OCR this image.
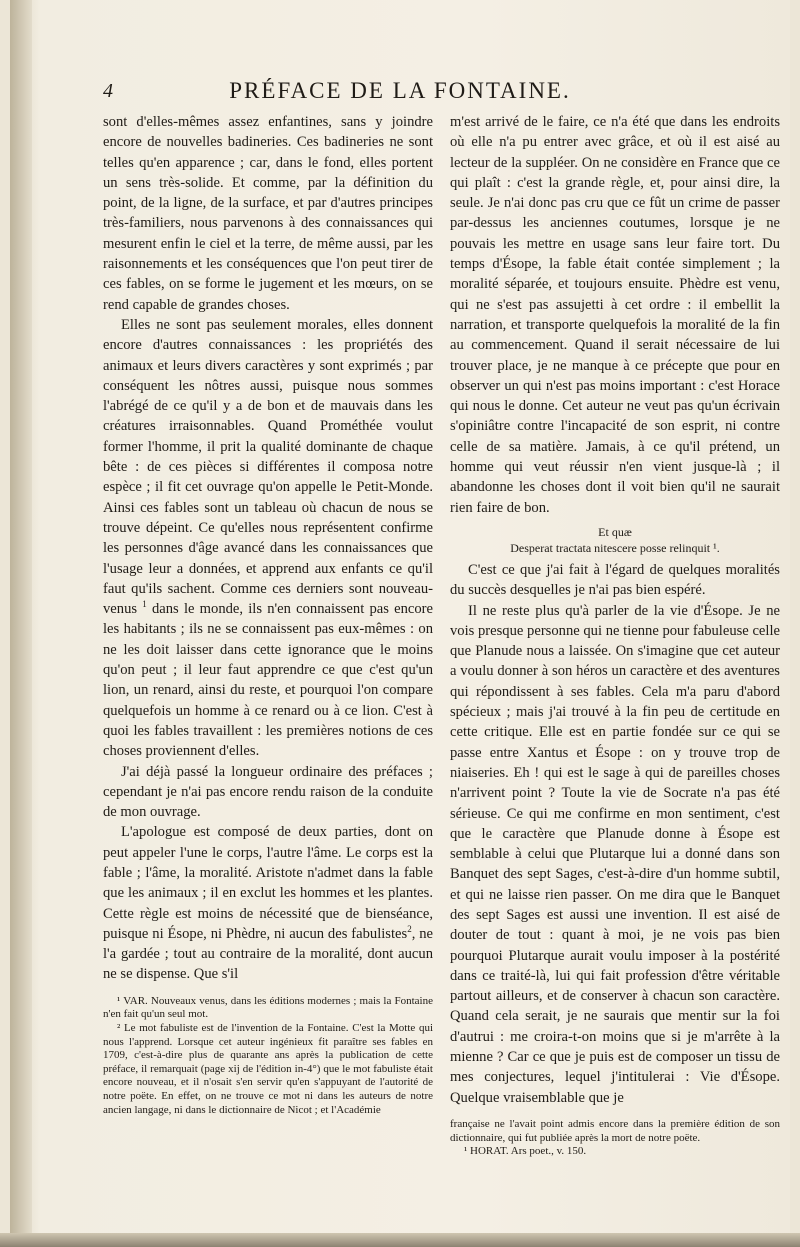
4	PRÉFACE DE LA FONTAINE.

sont d'elles-mêmes assez enfantines, sans y joindre encore de nouvelles badineries. Ces badineries ne sont telles qu'en apparence ; car, dans le fond, elles portent un sens très-solide. Et comme, par la définition du point, de la ligne, de la surface, et par d'autres principes très-familiers, nous parvenons à des connaissances qui mesurent enfin le ciel et la terre, de même aussi, par les raisonnements et les conséquences que l'on peut tirer de ces fables, on se forme le jugement et les mœurs, on se rend capable de grandes choses.

Elles ne sont pas seulement morales, elles donnent encore d'autres connaissances : les propriétés des animaux et leurs divers caractères y sont exprimés ; par conséquent les nôtres aussi, puisque nous sommes l'abrégé de ce qu'il y a de bon et de mauvais dans les créatures irraisonnables. Quand Prométhée voulut former l'homme, il prit la qualité dominante de chaque bête : de ces pièces si différentes il composa notre espèce ; il fit cet ouvrage qu'on appelle le Petit-Monde. Ainsi ces fables sont un tableau où chacun de nous se trouve dépeint. Ce qu'elles nous représentent confirme les personnes d'âge avancé dans les connaissances que l'usage leur a données, et apprend aux enfants ce qu'il faut qu'ils sachent. Comme ces derniers sont nouveau-venus $^1$ dans le monde, ils n'en connaissent pas encore les habitants ; ils ne se connaissent pas eux-mêmes : on ne les doit laisser dans cette ignorance que le moins qu'on peut ; il leur faut apprendre ce que c'est qu'un lion, un renard, ainsi du reste, et pourquoi l'on compare quelquefois un homme à ce renard ou à ce lion. C'est à quoi les fables travaillent : les premières notions de ces choses proviennent d'elles.

J'ai déjà passé la longueur ordinaire des préfaces ; cependant je n'ai pas encore rendu raison de la conduite de mon ouvrage.

L'apologue est composé de deux parties, dont on peut appeler l'une le corps, l'autre l'âme. Le corps est la fable ; l'âme, la moralité. Aristote n'admet dans la fable que les animaux ; il en exclut les hommes et les plantes. Cette règle est moins de nécessité que de bienséance, puisque ni Ésope, ni Phèdre, ni aucun des fabulistes$^2$, ne l'a gardée ; tout au contraire de la moralité, dont aucun ne se dispense. Que s'il

¹ VAR. Nouveaux venus, dans les éditions modernes ; mais la Fontaine n'en fait qu'un seul mot.

² Le mot fabuliste est de l'invention de la Fontaine. C'est la Motte qui nous l'apprend. Lorsque cet auteur ingénieux fit paraître ses fables en 1709, c'est-à-dire plus de quarante ans après la publication de cette préface, il remarquait (page xij de l'édition in-4°) que le mot fabuliste était encore nouveau, et il n'osait s'en servir qu'en s'appuyant de l'autorité de notre poëte. En effet, on ne trouve ce mot ni dans les auteurs de notre ancien langage, ni dans le dictionnaire de Nicot ; et l'Académie

m'est arrivé de le faire, ce n'a été que dans les endroits où elle n'a pu entrer avec grâce, et où il est aisé au lecteur de la suppléer. On ne considère en France que ce qui plaît : c'est la grande règle, et, pour ainsi dire, la seule. Je n'ai donc pas cru que ce fût un crime de passer par-dessus les anciennes coutumes, lorsque je ne pouvais les mettre en usage sans leur faire tort. Du temps d'Ésope, la fable était contée simplement ; la moralité séparée, et toujours ensuite. Phèdre est venu, qui ne s'est pas assujetti à cet ordre : il embellit la narration, et transporte quelquefois la moralité de la fin au commencement. Quand il serait nécessaire de lui trouver place, je ne manque à ce précepte que pour en observer un qui n'est pas moins important : c'est Horace qui nous le donne. Cet auteur ne veut pas qu'un écrivain s'opiniâtre contre l'incapacité de son esprit, ni contre celle de sa matière. Jamais, à ce qu'il prétend, un homme qui veut réussir n'en vient jusque-là ; il abandonne les choses dont il voit bien qu'il ne saurait rien faire de bon.

Et quæ
Desperat tractata nitescere posse relinquit ¹.

C'est ce que j'ai fait à l'égard de quelques moralités du succès desquelles je n'ai pas bien espéré.

Il ne reste plus qu'à parler de la vie d'Ésope. Je ne vois presque personne qui ne tienne pour fabuleuse celle que Planude nous a laissée. On s'imagine que cet auteur a voulu donner à son héros un caractère et des aventures qui répondissent à ses fables. Cela m'a paru d'abord spécieux ; mais j'ai trouvé à la fin peu de certitude en cette critique. Elle est en partie fondée sur ce qui se passe entre Xantus et Ésope : on y trouve trop de niaiseries. Eh ! qui est le sage à qui de pareilles choses n'arrivent point ? Toute la vie de Socrate n'a pas été sérieuse. Ce qui me confirme en mon sentiment, c'est que le caractère que Planude donne à Ésope est semblable à celui que Plutarque lui a donné dans son Banquet des sept Sages, c'est-à-dire d'un homme subtil, et qui ne laisse rien passer. On me dira que le Banquet des sept Sages est aussi une invention. Il est aisé de douter de tout : quant à moi, je ne vois pas bien pourquoi Plutarque aurait voulu imposer à la postérité dans ce traité-là, lui qui fait profession d'être véritable partout ailleurs, et de conserver à chacun son caractère. Quand cela serait, je ne saurais que mentir sur la foi d'autrui : me croira-t-on moins que si je m'arrête à la mienne ? Car ce que je puis est de composer un tissu de mes conjectures, lequel j'intitulerai : Vie d'Ésope. Quelque vraisemblable que je

française ne l'avait point admis encore dans la première édition de son dictionnaire, qui fut publiée après la mort de notre poëte.

¹ HORAT. Ars poet., v. 150.
